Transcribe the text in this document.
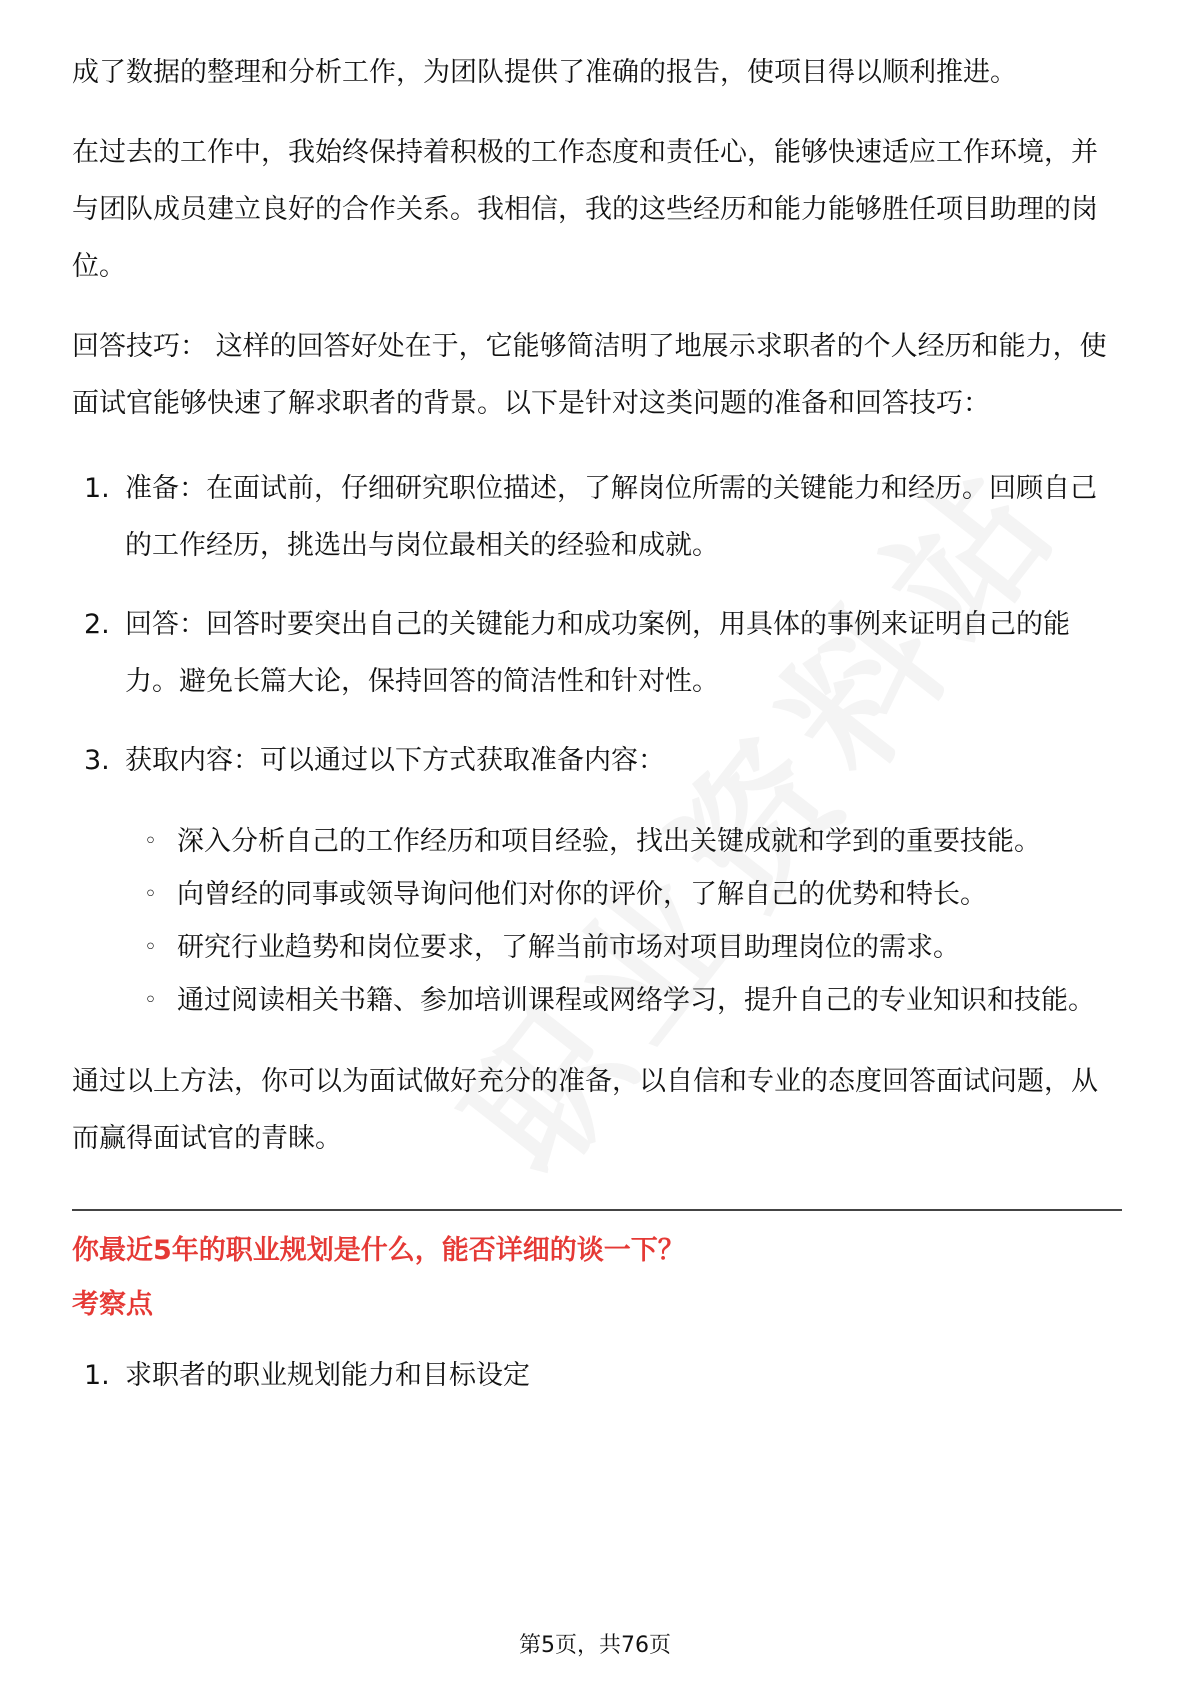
成了数据的整理和分析工作，为团队提供了准确的报告，使项目得以顺利推进。

在过去的工作中，我始终保持着积极的工作态度和责任心，能够快速适应工作环境，并与团队成员建立良好的合作关系。我相信，我的这些经历和能力能够胜任项目助理的岗位。

回答技巧： 这样的回答好处在于，它能够简洁明了地展示求职者的个人经历和能力，使面试官能够快速了解求职者的背景。以下是针对这类问题的准备和回答技巧：

1. 准备：在面试前，仔细研究职位描述，了解岗位所需的关键能力和经历。回顾自己的工作经历，挑选出与岗位最相关的经验和成就。
2. 回答：回答时要突出自己的关键能力和成功案例，用具体的事例来证明自己的能力。避免长篇大论，保持回答的简洁性和针对性。
3. 获取内容：可以通过以下方式获取准备内容：
◦ 深入分析自己的工作经历和项目经验，找出关键成就和学到的重要技能。
◦ 向曾经的同事或领导询问他们对你的评价，了解自己的优势和特长。
◦ 研究行业趋势和岗位要求，了解当前市场对项目助理岗位的需求。
◦ 通过阅读相关书籍、参加培训课程或网络学习，提升自己的专业知识和技能。

通过以上方法，你可以为面试做好充分的准备，以自信和专业的态度回答面试问题，从而赢得面试官的青睐。

你最近5年的职业规划是什么，能否详细的谈一下？
考察点
1. 求职者的职业规划能力和目标设定
第5页，共76页
